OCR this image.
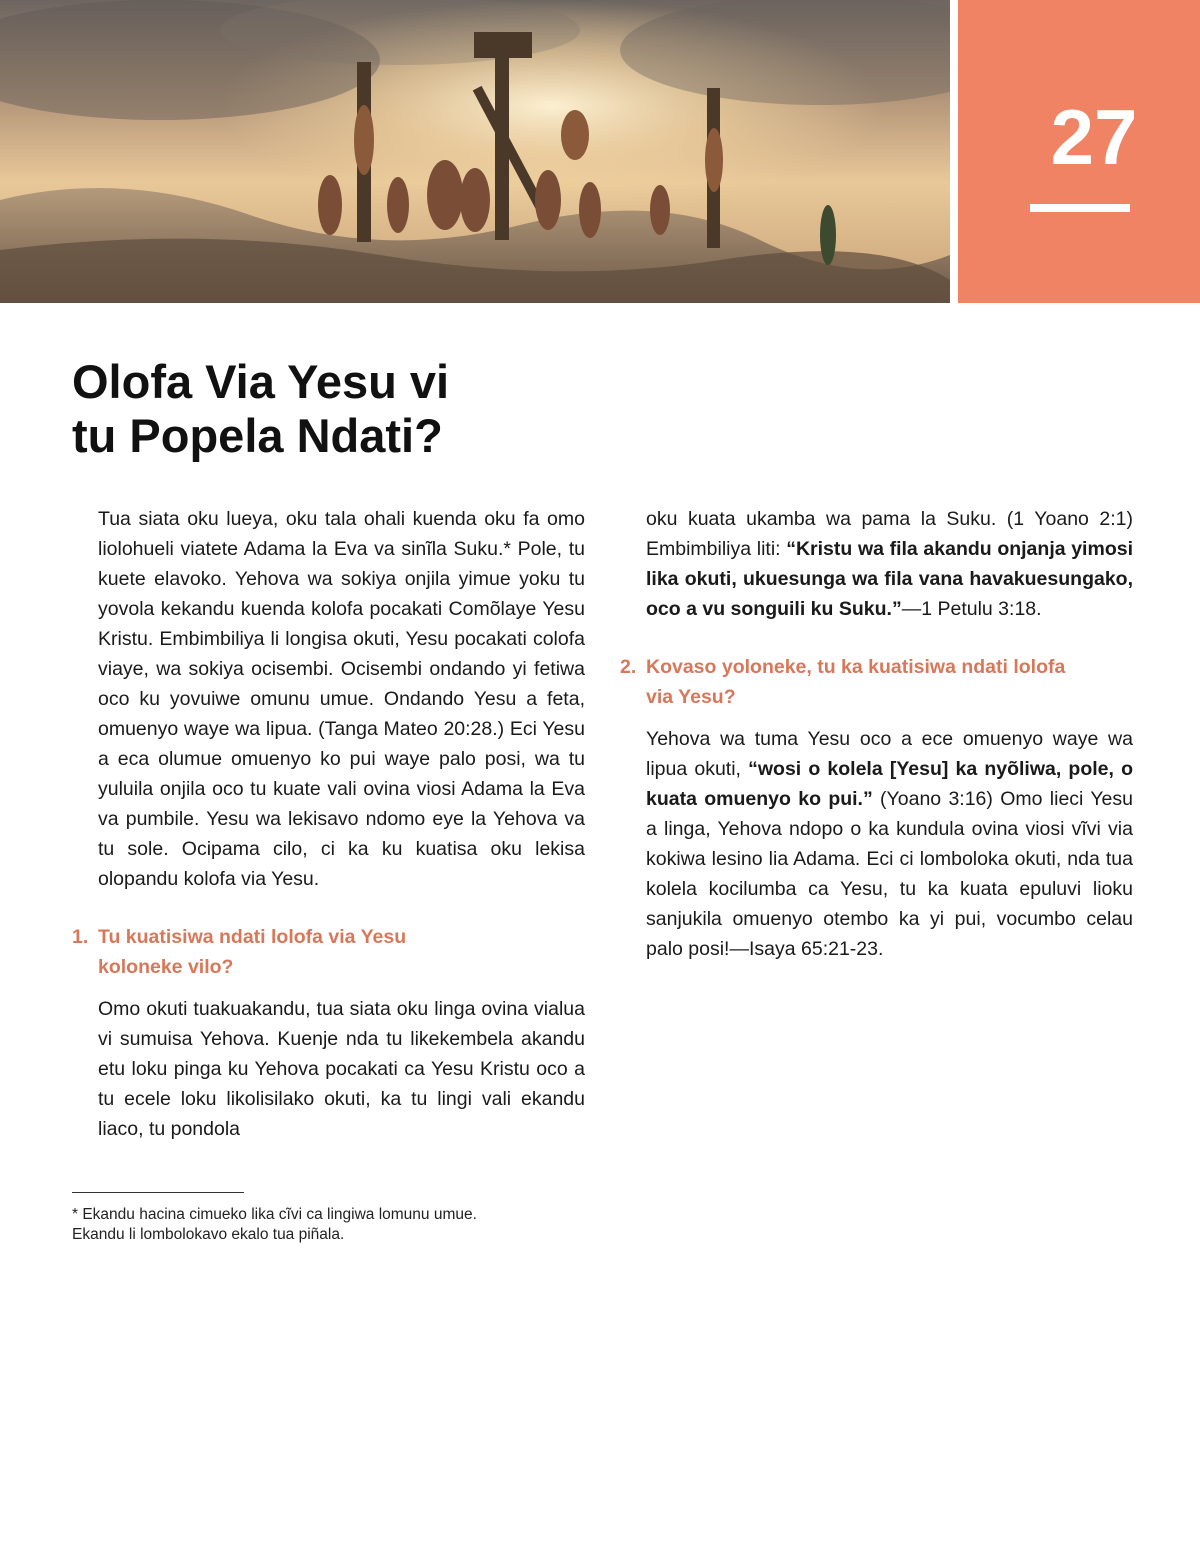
27
Olofa Via Yesu vi
tu Popela Ndati?

Tua siata oku lueya, oku tala ohali kuenda oku fa omo liolohueli viatete Adama la Eva va sinĩla Suku.* Pole, tu kuete elavoko. Yehova wa sokiya onjila yimue yoku tu yovola kekandu kuenda kolofa pocakati Comõlaye Yesu Kristu. Embimbiliya li longisa okuti, Yesu pocakati colofa viaye, wa sokiya ocisembi. Ocisembi ondando yi fetiwa oco ku yovuiwe omunu umue. Ondando Yesu a feta, omuenyo waye wa lipua. (Tanga Mateo 20:28.) Eci Yesu a eca olumue omuenyo ko pui waye palo posi, wa tu yuluila onjila oco tu kuate vali ovina viosi Adama la Eva va pumbile. Yesu wa lekisavo ndomo eye la Yehova va tu sole. Ocipama cilo, ci ka ku kuatisa oku lekisa olopandu kolofa via Yesu.

1. Tu kuatisiwa ndati lolofa via Yesu
koloneke vilo?

Omo okuti tuakuakandu, tua siata oku linga ovina vialua vi sumuisa Yehova. Kuenje nda tu likekembela akandu etu loku pinga ku Yehova pocakati ca Yesu Kristu oco a tu ecele loku likolisilako okuti, ka tu lingi vali ekandu liaco, tu pondola

oku kuata ukamba wa pama la Suku. (1 Yoano 2:1) Embimbiliya liti: “Kristu wa fila akandu onjanja yimosi lika okuti, ukuesunga wa fila vana havakuesungako, oco a vu songuili ku Suku.”—1 Petulu 3:18.

2. Kovaso yoloneke, tu ka kuatisiwa ndati lolofa
via Yesu?

Yehova wa tuma Yesu oco a ece omuenyo waye wa lipua okuti, “wosi o kolela [Yesu] ka nyõliwa, pole, o kuata omuenyo ko pui.” (Yoano 3:16) Omo lieci Yesu a linga, Yehova ndopo o ka kundula ovina viosi vĩvi via kokiwa lesino lia Adama. Eci ci lomboloka okuti, nda tua kolela kocilumba ca Yesu, tu ka kuata epuluvi lioku sanjukila omuenyo otembo ka yi pui, vocumbo celau palo posi!—Isaya 65:21-23.

* Ekandu hacina cimueko lika cĩvi ca lingiwa lomunu umue.
Ekandu li lombolokavo ekalo tua piñala.
